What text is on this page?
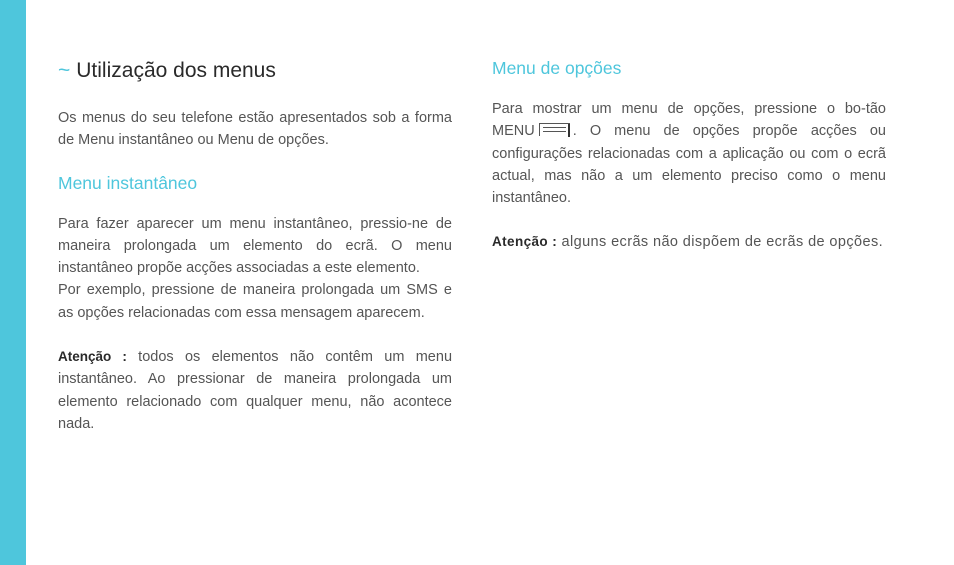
~ Utilização dos menus

Os menus do seu telefone estão apresentados sob a forma de Menu instantâneo ou Menu de opções.

Menu instantâneo

Para fazer aparecer um menu instantâneo, pressio-ne de maneira prolongada um elemento do ecrã. O menu instantâneo propõe acções associadas a este elemento.

Por exemplo, pressione de maneira prolongada um SMS e as opções relacionadas com essa mensagem aparecem.

Atenção : todos os elementos não contêm um menu instantâneo. Ao pressionar de maneira prolongada um elemento relacionado com qualquer menu, não acontece nada.

Menu de opções

Para mostrar um menu de opções, pressione o bo-tão MENU	. O menu de opções propõe acções ou configurações relacionadas com a aplicação ou com o ecrã actual, mas não a um elemento preciso como o menu instantâneo.

Atenção : alguns ecrãs não dispõem de ecrãs de opções.
